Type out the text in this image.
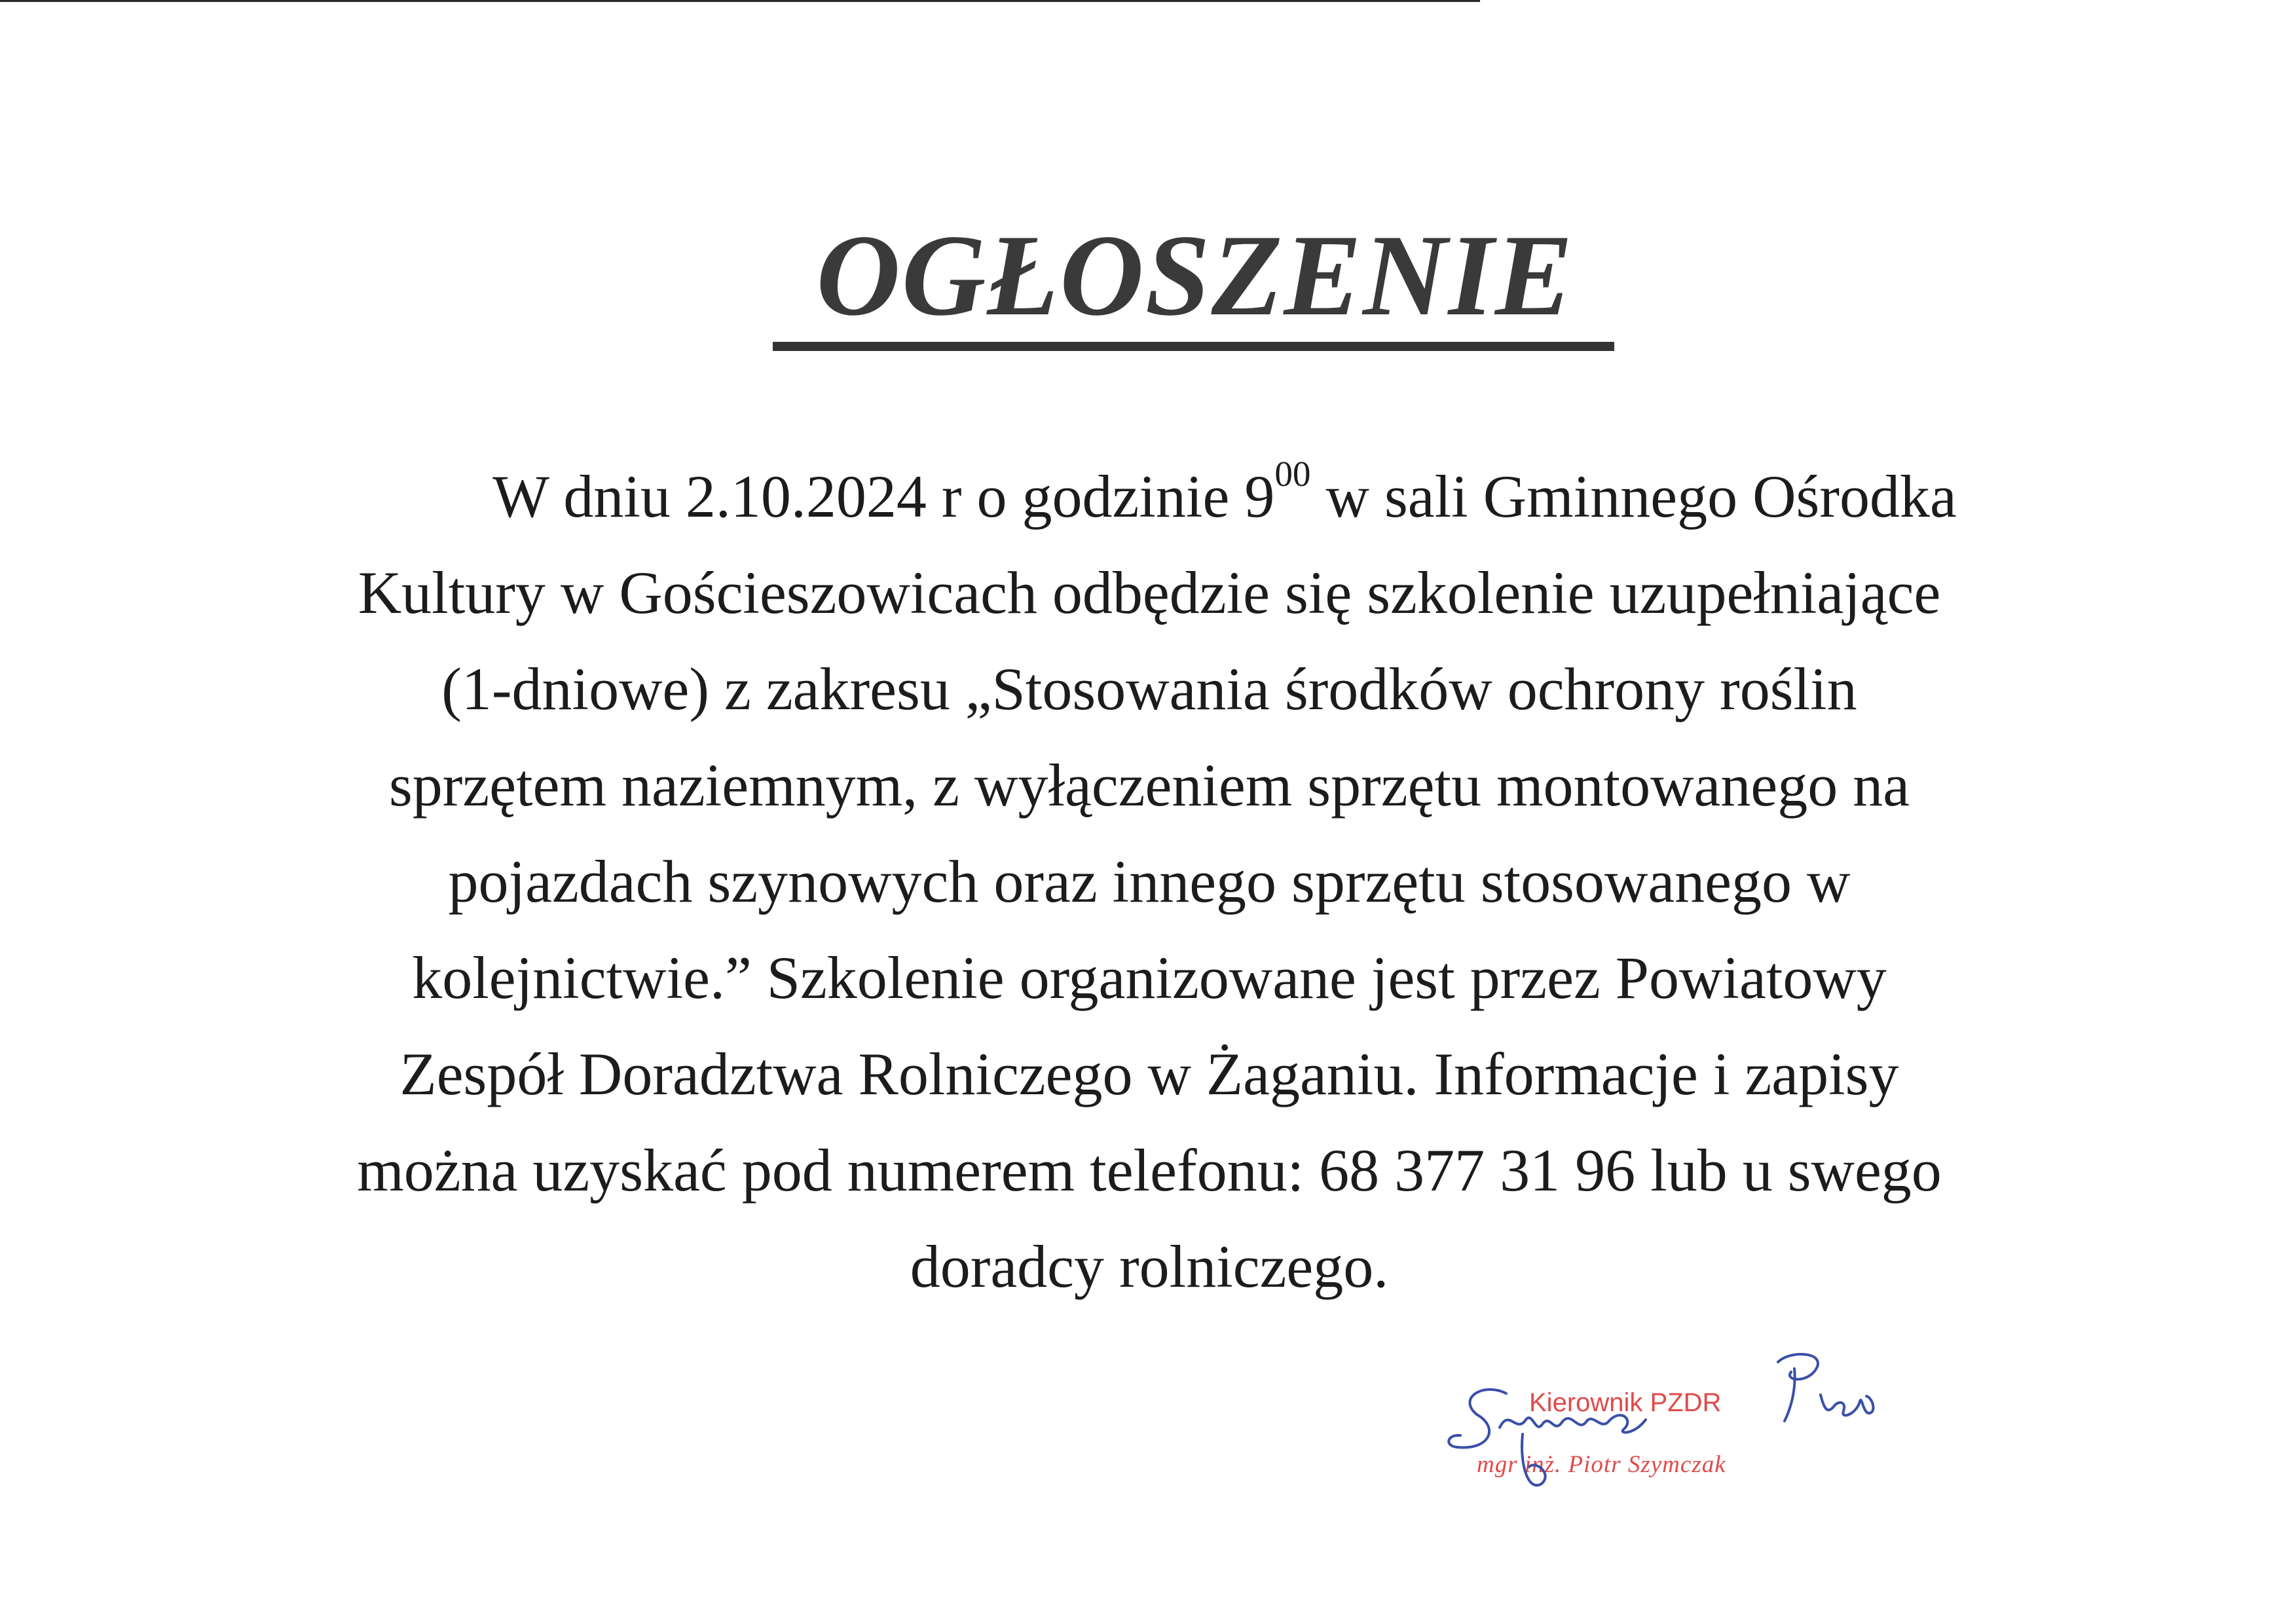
OGŁOSZENIE

W dniu 2.10.2024 r o godzinie $9^{00}$ w sali Gminnego Ośrodka
Kultury w Gościeszowicach odbędzie się szkolenie uzupełniające
(1-dniowe) z zakresu „Stosowania środków ochrony roślin
sprzętem naziemnym, z wyłączeniem sprzętu montowanego na
pojazdach szynowych oraz innego sprzętu stosowanego w
kolejnictwie.” Szkolenie organizowane jest przez Powiatowy
Zespół Doradztwa Rolniczego w Żaganiu. Informacje i zapisy
można uzyskać pod numerem telefonu: 68 377 31 96 lub u swego
doradcy rolniczego.

Kierownik PZDR
mgr inż. Piotr Szymczak
